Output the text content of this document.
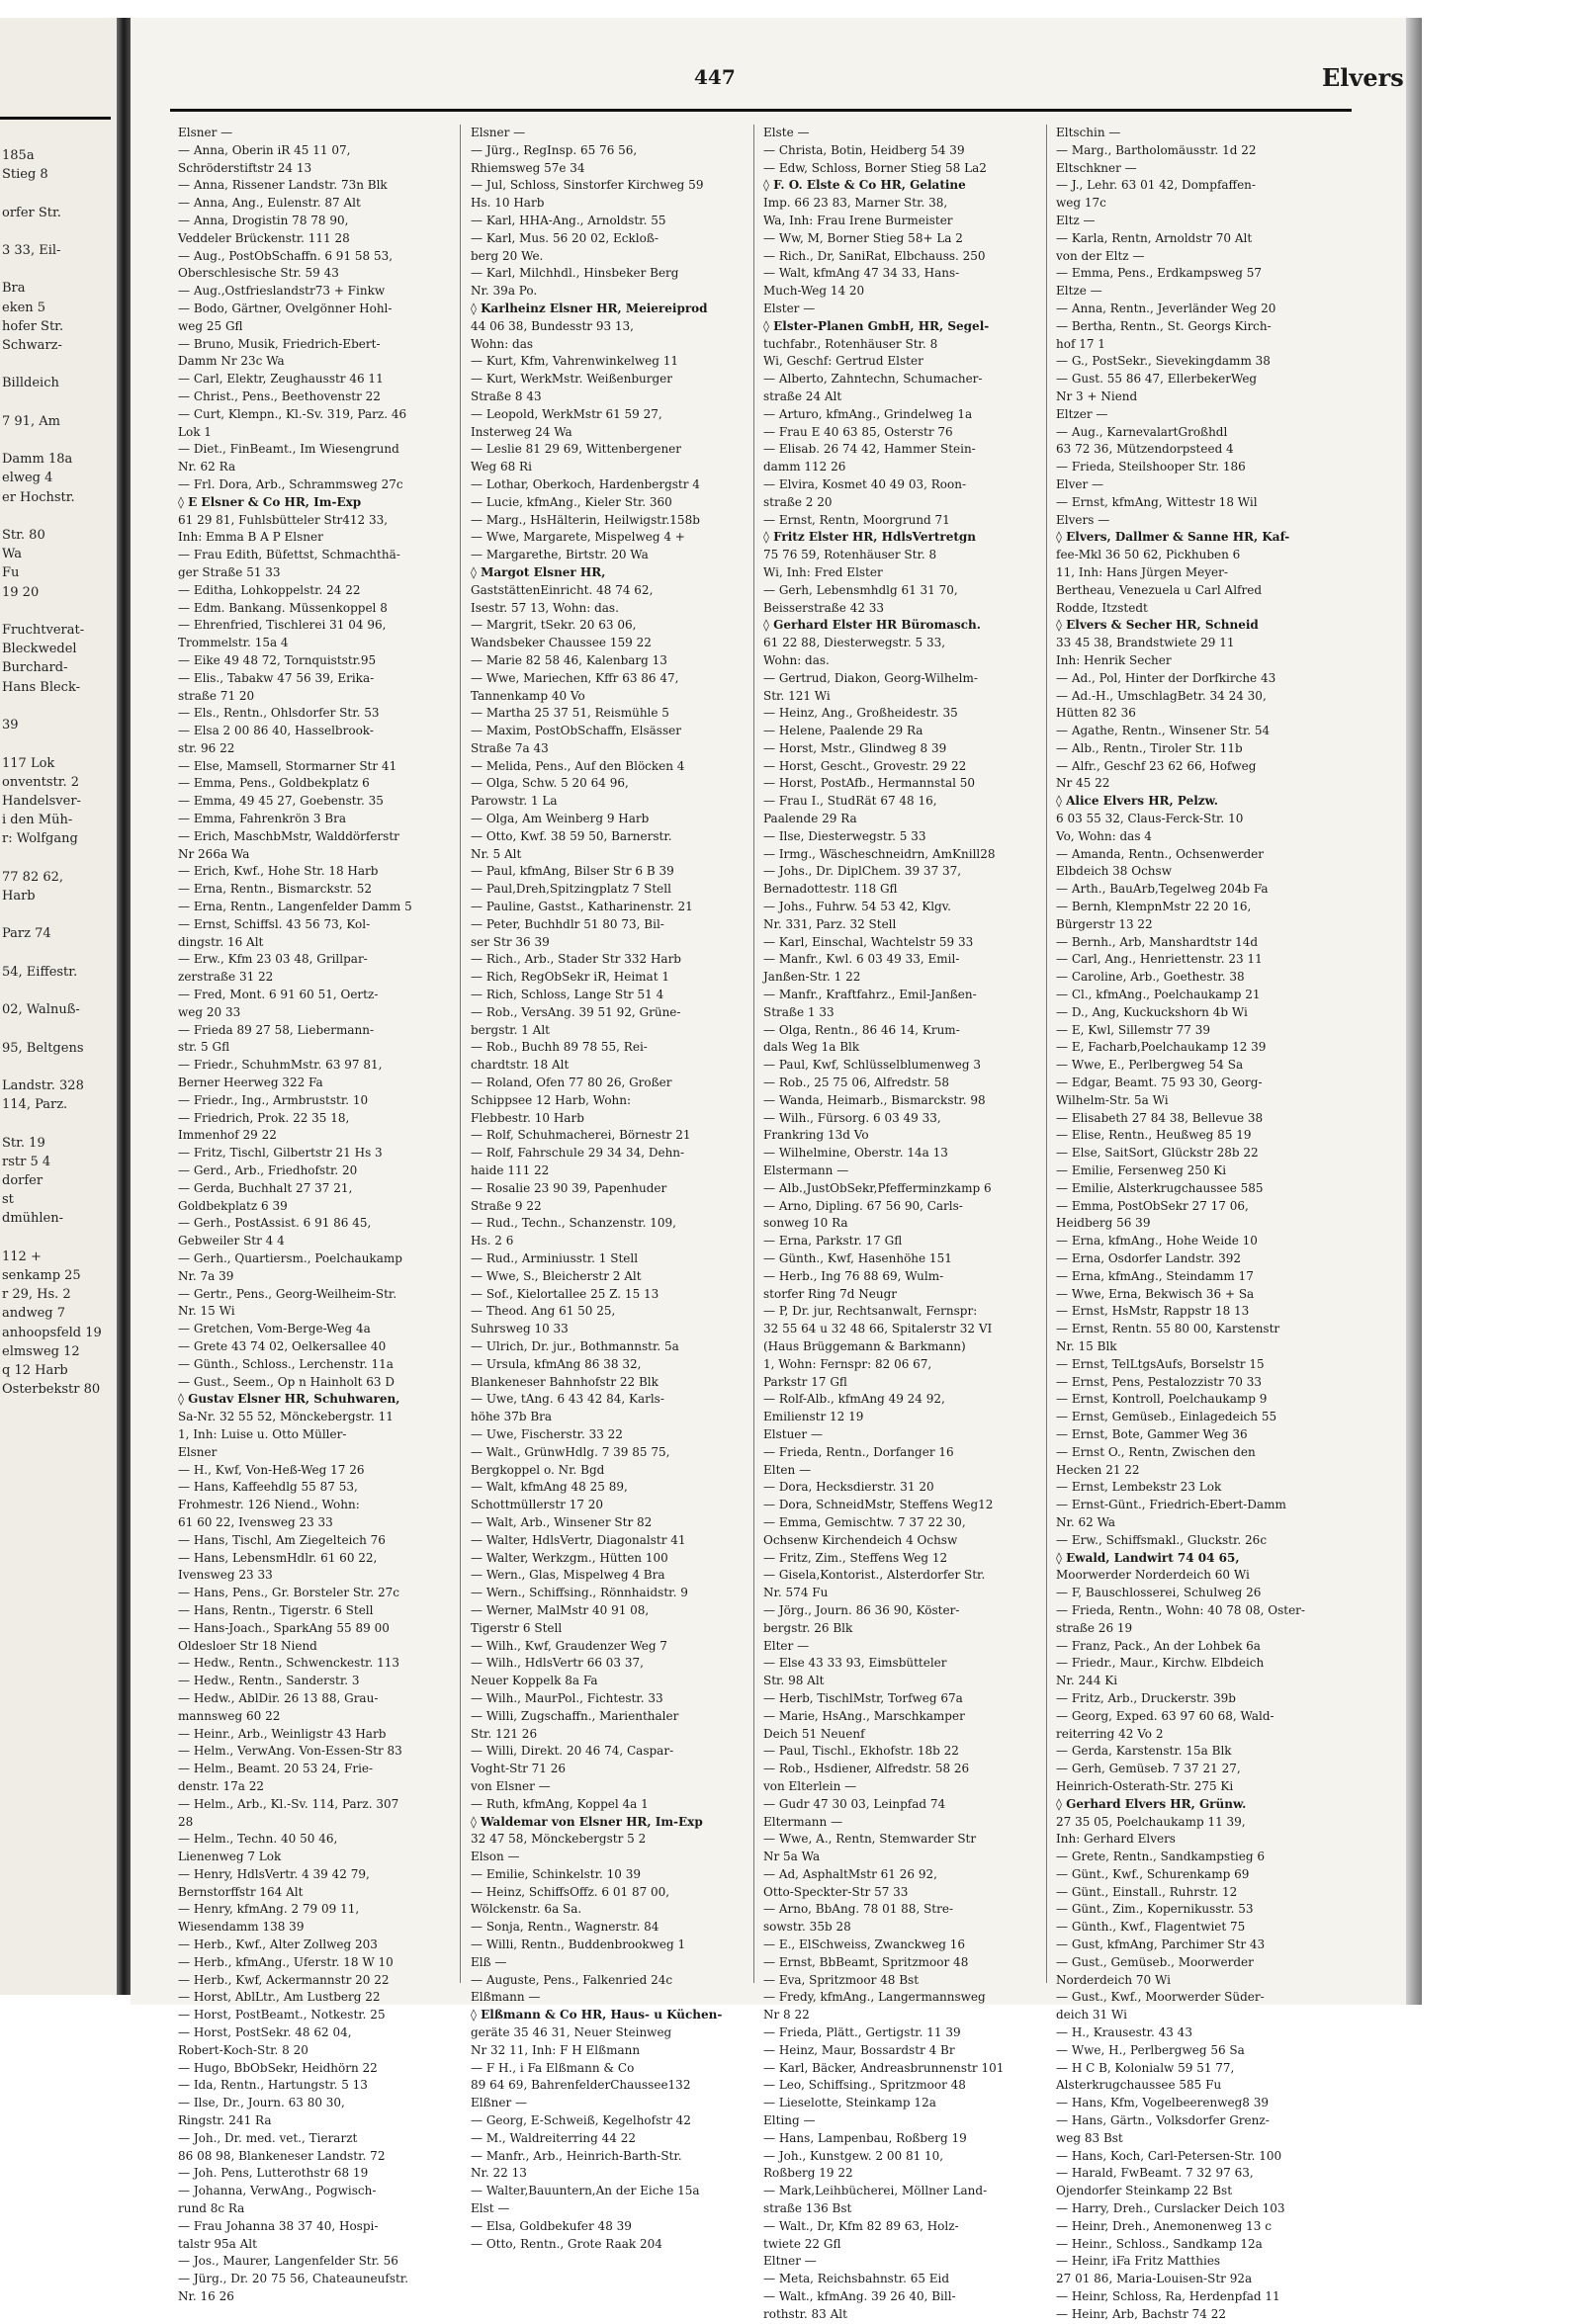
185a
Stieg 8

orfer Str.

3 33, Eil-

Bra
eken 5
hofer Str.
Schwarz-

Billdeich

7 91, Am

Damm 18a
elweg 4
er Hochstr.

Str. 80
Wa
Fu
19 20

Fruchtverat-
Bleckwedel
Burchard-
Hans Bleck-

39

117 Lok
onventstr. 2
Handelsver-
i den Müh-
r: Wolfgang

77 82 62,
Harb

Parz 74

54, Eiffestr.

02, Walnuß-

95, Beltgens

Landstr. 328
114, Parz.

Str. 19
rstr 5 4
dorfer
st
dmühlen-

112 +
senkamp 25
r 29, Hs. 2
andweg 7
anhoopsfeld 19
elmsweg 12
q 12 Harb
Osterbekstr 80
447	Elvers
Elsner —
— Anna, Oberin iR 45 11 07,
Schröderstiftstr 24 13
— Anna, Rissener Landstr. 73n Blk
— Anna, Ang., Eulenstr. 87 Alt
— Anna, Drogistin 78 78 90,
Veddeler Brückenstr. 111 28
— Aug., PostObSchaffn. 6 91 58 53,
Oberschlesische Str. 59 43
— Aug.,Ostfrieslandstr73 + Finkw
— Bodo, Gärtner, Ovelgönner Hohl-
weg 25 Gfl
— Bruno, Musik, Friedrich-Ebert-
Damm Nr 23c Wa
— Carl, Elektr, Zeughausstr 46 11
— Christ., Pens., Beethovenstr 22
— Curt, Klempn., Kl.-Sv. 319, Parz. 46
Lok 1
— Diet., FinBeamt., Im Wiesengrund
Nr. 62 Ra
— Frl. Dora, Arb., Schrammsweg 27c
◊ E Elsner & Co HR, Im-Exp
61 29 81, Fuhlsbütteler Str412 33,
Inh: Emma B A P Elsner
— Frau Edith, Büfettst, Schmachthä-
ger Straße 51 33
— Editha, Lohkoppelstr. 24 22
— Edm. Bankang. Müssenkoppel 8
— Ehrenfried, Tischlerei 31 04 96,
Trommelstr. 15a 4
— Eike 49 48 72, Tornquiststr.95
— Elis., Tabakw 47 56 39, Erika-
straße 71 20
— Els., Rentn., Ohlsdorfer Str. 53
— Elsa 2 00 86 40, Hasselbrook-
str. 96 22
— Else, Mamsell, Stormarner Str 41
— Emma, Pens., Goldbekplatz 6
— Emma, 49 45 27, Goebenstr. 35
— Emma, Fahrenkrön 3 Bra
— Erich, MaschbMstr, Walddörferstr
Nr 266a Wa
— Erich, Kwf., Hohe Str. 18 Harb
— Erna, Rentn., Bismarckstr. 52
— Erna, Rentn., Langenfelder Damm 5
— Ernst, Schiffsl. 43 56 73, Kol-
dingstr. 16 Alt
— Erw., Kfm 23 03 48, Grillpar-
zerstraße 31 22
— Fred, Mont. 6 91 60 51, Oertz-
weg 20 33
— Frieda 89 27 58, Liebermann-
str. 5 Gfl
— Friedr., SchuhmMstr. 63 97 81,
Berner Heerweg 322 Fa
— Friedr., Ing., Armbruststr. 10
— Friedrich, Prok. 22 35 18,
Immenhof 29 22
— Fritz, Tischl, Gilbertstr 21 Hs 3
— Gerd., Arb., Friedhofstr. 20
— Gerda, Buchhalt 27 37 21,
Goldbekplatz 6 39
— Gerh., PostAssist. 6 91 86 45,
Gebweiler Str 4 4
— Gerh., Quartiersm., Poelchaukamp
Nr. 7a 39
— Gertr., Pens., Georg-Weilheim-Str.
Nr. 15 Wi
— Gretchen, Vom-Berge-Weg 4a
— Grete 43 74 02, Oelkersallee 40
— Günth., Schloss., Lerchenstr. 11a
— Gust., Seem., Op n Hainholt 63 D
◊ Gustav Elsner HR, Schuhwaren,
Sa-Nr. 32 55 52, Mönckebergstr. 11
1, Inh: Luise u. Otto Müller-
Elsner
— H., Kwf, Von-Heß-Weg 17 26
— Hans, Kaffeehdlg 55 87 53,
Frohmestr. 126 Niend., Wohn:
61 60 22, Ivensweg 23 33
— Hans, Tischl, Am Ziegelteich 76
— Hans, LebensmHdlr. 61 60 22,
Ivensweg 23 33
— Hans, Pens., Gr. Borsteler Str. 27c
— Hans, Rentn., Tigerstr. 6 Stell
— Hans-Joach., SparkAng 55 89 00
Oldesloer Str 18 Niend
— Hedw., Rentn., Schwenckestr. 113
— Hedw., Rentn., Sanderstr. 3
— Hedw., AblDir. 26 13 88, Grau-
mannsweg 60 22
— Heinr., Arb., Weinligstr 43 Harb
— Helm., VerwAng. Von-Essen-Str 83
— Helm., Beamt. 20 53 24, Frie-
denstr. 17a 22
— Helm., Arb., Kl.-Sv. 114, Parz. 307
28
— Helm., Techn. 40 50 46,
Lienenweg 7 Lok
— Henry, HdlsVertr. 4 39 42 79,
Bernstorffstr 164 Alt
— Henry, kfmAng. 2 79 09 11,
Wiesendamm 138 39
— Herb., Kwf., Alter Zollweg 203
— Herb., kfmAng., Uferstr. 18 W 10
— Herb., Kwf, Ackermannstr 20 22
— Horst, AblLtr., Am Lustberg 22
— Horst, PostBeamt., Notkestr. 25
— Horst, PostSekr. 48 62 04,
Robert-Koch-Str. 8 20
— Hugo, BbObSekr, Heidhörn 22
— Ida, Rentn., Hartungstr. 5 13
— Ilse, Dr., Journ. 63 80 30,
Ringstr. 241 Ra
— Joh., Dr. med. vet., Tierarzt
86 08 98, Blankeneser Landstr. 72
— Joh. Pens, Lutterothstr 68 19
— Johanna, VerwAng., Pogwisch-
rund 8c Ra
— Frau Johanna 38 37 40, Hospi-
talstr 95a Alt
— Jos., Maurer, Langenfelder Str. 56
— Jürg., Dr. 20 75 56, Chateauneufstr.
Nr. 16 26
Elsner —
— Jürg., RegInsp. 65 76 56,
Rhiemsweg 57e 34
— Jul, Schloss, Sinstorfer Kirchweg 59
Hs. 10 Harb
— Karl, HHA-Ang., Arnoldstr. 55
— Karl, Mus. 56 20 02, Eckloß-
berg 20 We.
— Karl, Milchhdl., Hinsbeker Berg
Nr. 39a Po.
◊ Karlheinz Elsner HR, Meiereiprod
44 06 38, Bundesstr 93 13,
Wohn: das
— Kurt, Kfm, Vahrenwinkelweg 11
— Kurt, WerkMstr. Weißenburger
Straße 8 43
— Leopold, WerkMstr 61 59 27,
Insterweg 24 Wa
— Leslie 81 29 69, Wittenbergener
Weg 68 Ri
— Lothar, Oberkoch, Hardenbergstr 4
— Lucie, kfmAng., Kieler Str. 360
— Marg., HsHälterin, Heilwigstr.158b
— Wwe, Margarete, Mispelweg 4 +
— Margarethe, Birtstr. 20 Wa
◊ Margot Elsner HR,
GaststättenEinricht. 48 74 62,
Isestr. 57 13, Wohn: das.
— Margrit, tSekr. 20 63 06,
Wandsbeker Chaussee 159 22
— Marie 82 58 46, Kalenbarg 13
— Wwe, Mariechen, Kffr 63 86 47,
Tannenkamp 40 Vo
— Martha 25 37 51, Reismühle 5
— Maxim, PostObSchaffn, Elsässer
Straße 7a 43
— Melida, Pens., Auf den Blöcken 4
— Olga, Schw. 5 20 64 96,
Parowstr. 1 La
— Olga, Am Weinberg 9 Harb
— Otto, Kwf. 38 59 50, Barnerstr.
Nr. 5 Alt
— Paul, kfmAng, Bilser Str 6 B 39
— Paul,Dreh,Spitzingplatz 7 Stell
— Pauline, Gastst., Katharinenstr. 21
— Peter, Buchhdlr 51 80 73, Bil-
ser Str 36 39
— Rich., Arb., Stader Str 332 Harb
— Rich, RegObSekr iR, Heimat 1
— Rich, Schloss, Lange Str 51 4
— Rob., VersAng. 39 51 92, Grüne-
bergstr. 1 Alt
— Rob., Buchh 89 78 55, Rei-
chardtstr. 18 Alt
— Roland, Ofen 77 80 26, Großer
Schippsee 12 Harb, Wohn:
Flebbestr. 10 Harb
— Rolf, Schuhmacherei, Börnestr 21
— Rolf, Fahrschule 29 34 34, Dehn-
haide 111 22
— Rosalie 23 90 39, Papenhuder
Straße 9 22
— Rud., Techn., Schanzenstr. 109,
Hs. 2 6
— Rud., Arminiusstr. 1 Stell
— Wwe, S., Bleicherstr 2 Alt
— Sof., Kielortallee 25 Z. 15 13
— Theod. Ang 61 50 25,
Suhrsweg 10 33
— Ulrich, Dr. jur., Bothmannstr. 5a
— Ursula, kfmAng 86 38 32,
Blankeneser Bahnhofstr 22 Blk
— Uwe, tAng. 6 43 42 84, Karls-
höhe 37b Bra
— Uwe, Fischerstr. 33 22
— Walt., GrünwHdlg. 7 39 85 75,
Bergkoppel o. Nr. Bgd
— Walt, kfmAng 48 25 89,
Schottmüllerstr 17 20
— Walt, Arb., Winsener Str 82
— Walter, HdlsVertr, Diagonalstr 41
— Walter, Werkzgm., Hütten 100
— Wern., Glas, Mispelweg 4 Bra
— Wern., Schiffsing., Rönnhaidstr. 9
— Werner, MalMstr 40 91 08,
Tigerstr 6 Stell
— Wilh., Kwf, Graudenzer Weg 7
— Wilh., HdlsVertr 66 03 37,
Neuer Koppelk 8a Fa
— Wilh., MaurPol., Fichtestr. 33
— Willi, Zugschaffn., Marienthaler
Str. 121 26
— Willi, Direkt. 20 46 74, Caspar-
Voght-Str 71 26
von Elsner —
— Ruth, kfmAng, Koppel 4a 1
◊ Waldemar von Elsner HR, Im-Exp
32 47 58, Mönckebergstr 5 2
Elson —
— Emilie, Schinkelstr. 10 39
— Heinz, SchiffsOffz. 6 01 87 00,
Wölckenstr. 6a Sa.
— Sonja, Rentn., Wagnerstr. 84
— Willi, Rentn., Buddenbrookweg 1
Elß —
— Auguste, Pens., Falkenried 24c
Elßmann —
◊ Elßmann & Co HR, Haus- u Küchen-
geräte 35 46 31, Neuer Steinweg
Nr 32 11, Inh: F H Elßmann
— F H., i Fa Elßmann & Co
89 64 69, BahrenfelderChaussee132
Elßner —
— Georg, E-Schweiß, Kegelhofstr 42
— M., Waldreiterring 44 22
— Manfr., Arb., Heinrich-Barth-Str.
Nr. 22 13
— Walter,Bauuntern,An der Eiche 15a
Elst —
— Elsa, Goldbekufer 48 39
— Otto, Rentn., Grote Raak 204
Elste —
— Christa, Botin, Heidberg 54 39
— Edw, Schloss, Borner Stieg 58 La2
◊ F. O. Elste & Co HR, Gelatine
Imp. 66 23 83, Marner Str. 38,
Wa, Inh: Frau Irene Burmeister
— Ww, M, Borner Stieg 58+ La 2
— Rich., Dr, SaniRat, Elbchauss. 250
— Walt, kfmAng 47 34 33, Hans-
Much-Weg 14 20
Elster —
◊ Elster-Planen GmbH, HR, Segel-
tuchfabr., Rotenhäuser Str. 8
Wi, Geschf: Gertrud Elster
— Alberto, Zahntechn, Schumacher-
straße 24 Alt
— Arturo, kfmAng., Grindelweg 1a
— Frau E 40 63 85, Osterstr 76
— Elisab. 26 74 42, Hammer Stein-
damm 112 26
— Elvira, Kosmet 40 49 03, Roon-
straße 2 20
— Ernst, Rentn, Moorgrund 71
◊ Fritz Elster HR, HdlsVertretgn
75 76 59, Rotenhäuser Str. 8
Wi, Inh: Fred Elster
— Gerh, Lebensmhdlg 61 31 70,
Beisserstraße 42 33
◊ Gerhard Elster HR Büromasch.
61 22 88, Diesterwegstr. 5 33,
Wohn: das.
— Gertrud, Diakon, Georg-Wilhelm-
Str. 121 Wi
— Heinz, Ang., Großheidestr. 35
— Helene, Paalende 29 Ra
— Horst, Mstr., Glindweg 8 39
— Horst, Gescht., Grovestr. 29 22
— Horst, PostAfb., Hermannstal 50
— Frau I., StudRät 67 48 16,
Paalende 29 Ra
— Ilse, Diesterwegstr. 5 33
— Irmg., Wäscheschneidrn, AmKnill28
— Johs., Dr. DiplChem. 39 37 37,
Bernadottestr. 118 Gfl
— Johs., Fuhrw. 54 53 42, Klgv.
Nr. 331, Parz. 32 Stell
— Karl, Einschal, Wachtelstr 59 33
— Manfr., Kwl. 6 03 49 33, Emil-
Janßen-Str. 1 22
— Manfr., Kraftfahrz., Emil-Janßen-
Straße 1 33
— Olga, Rentn., 86 46 14, Krum-
dals Weg 1a Blk
— Paul, Kwf, Schlüsselblumenweg 3
— Rob., 25 75 06, Alfredstr. 58
— Wanda, Heimarb., Bismarckstr. 98
— Wilh., Fürsorg. 6 03 49 33,
Frankring 13d Vo
— Wilhelmine, Oberstr. 14a 13
Elstermann —
— Alb.,JustObSekr,Pfefferminzkamp 6
— Arno, Dipling. 67 56 90, Carls-
sonweg 10 Ra
— Erna, Parkstr. 17 Gfl
— Günth., Kwf, Hasenhöhe 151
— Herb., Ing 76 88 69, Wulm-
storfer Ring 7d Neugr
— P, Dr. jur, Rechtsanwalt, Fernspr:
32 55 64 u 32 48 66, Spitalerstr 32 VI
(Haus Brüggemann & Barkmann)
1, Wohn: Fernspr: 82 06 67,
Parkstr 17 Gfl
— Rolf-Alb., kfmAng 49 24 92,
Emilienstr 12 19
Elstuer —
— Frieda, Rentn., Dorfanger 16
Elten —
— Dora, Hecksdierstr. 31 20
— Dora, SchneidMstr, Steffens Weg12
— Emma, Gemischtw. 7 37 22 30,
Ochsenw Kirchendeich 4 Ochsw
— Fritz, Zim., Steffens Weg 12
— Gisela,Kontorist., Alsterdorfer Str.
Nr. 574 Fu
— Jörg., Journ. 86 36 90, Köster-
bergstr. 26 Blk
Elter —
— Else 43 33 93, Eimsbütteler
Str. 98 Alt
— Herb, TischlMstr, Torfweg 67a
— Marie, HsAng., Marschkamper
Deich 51 Neuenf
— Paul, Tischl., Ekhofstr. 18b 22
— Rob., Hsdiener, Alfredstr. 58 26
von Elterlein —
— Gudr 47 30 03, Leinpfad 74
Eltermann —
— Wwe, A., Rentn, Stemwarder Str
Nr 5a Wa
— Ad, AsphaltMstr 61 26 92,
Otto-Speckter-Str 57 33
— Arno, BbAng. 78 01 88, Stre-
sowstr. 35b 28
— E., ElSchweiss, Zwanckweg 16
— Ernst, BbBeamt, Spritzmoor 48
— Eva, Spritzmoor 48 Bst
— Fredy, kfmAng., Langermannsweg
Nr 8 22
— Frieda, Plätt., Gertigstr. 11 39
— Heinz, Maur, Bossardstr 4 Br
— Karl, Bäcker, Andreasbrunnenstr 101
— Leo, Schiffsing., Spritzmoor 48
— Lieselotte, Steinkamp 12a
Elting —
— Hans, Lampenbau, Roßberg 19
— Joh., Kunstgew. 2 00 81 10,
Roßberg 19 22
— Mark,Leihbücherei, Möllner Land-
straße 136 Bst
— Walt., Dr, Kfm 82 89 63, Holz-
twiete 22 Gfl
Eltner —
— Meta, Reichsbahnstr. 65 Eid
— Walt., kfmAng. 39 26 40, Bill-
rothstr. 83 Alt
Eltschin —
— Marg., Bartholomäusstr. 1d 22
Eltschkner —
— J., Lehr. 63 01 42, Dompfaffen-
weg 17c
Eltz —
— Karla, Rentn, Arnoldstr 70 Alt
von der Eltz —
— Emma, Pens., Erdkampsweg 57
Eltze —
— Anna, Rentn., Jeverländer Weg 20
— Bertha, Rentn., St. Georgs Kirch-
hof 17 1
— G., PostSekr., Sievekingdamm 38
— Gust. 55 86 47, EllerbekerWeg
Nr 3 + Niend
Eltzer —
— Aug., KarnevalartGroßhdl
63 72 36, Mützendorpsteed 4
— Frieda, Steilshooper Str. 186
Elver —
— Ernst, kfmAng, Wittestr 18 Wil
Elvers —
◊ Elvers, Dallmer & Sanne HR, Kaf-
fee-Mkl 36 50 62, Pickhuben 6
11, Inh: Hans Jürgen Meyer-
Bertheau, Venezuela u Carl Alfred
Rodde, Itzstedt
◊ Elvers & Secher HR, Schneid
33 45 38, Brandstwiete 29 11
Inh: Henrik Secher
— Ad., Pol, Hinter der Dorfkirche 43
— Ad.-H., UmschlagBetr. 34 24 30,
Hütten 82 36
— Agathe, Rentn., Winsener Str. 54
— Alb., Rentn., Tiroler Str. 11b
— Alfr., Geschf 23 62 66, Hofweg
Nr 45 22
◊ Alice Elvers HR, Pelzw.
6 03 55 32, Claus-Ferck-Str. 10
Vo, Wohn: das 4
— Amanda, Rentn., Ochsenwerder
Elbdeich 38 Ochsw
— Arth., BauArb,Tegelweg 204b Fa
— Bernh, KlempnMstr 22 20 16,
Bürgerstr 13 22
— Bernh., Arb, Manshardtstr 14d
— Carl, Ang., Henriettenstr. 23 11
— Caroline, Arb., Goethestr. 38
— Cl., kfmAng., Poelchaukamp 21
— D., Ang, Kuckuckshorn 4b Wi
— E, Kwl, Sillemstr 77 39
— E, Facharb,Poelchaukamp 12 39
— Wwe, E., Perlbergweg 54 Sa
— Edgar, Beamt. 75 93 30, Georg-
Wilhelm-Str. 5a Wi
— Elisabeth 27 84 38, Bellevue 38
— Elise, Rentn., Heußweg 85 19
— Else, SaitSort, Glückstr 28b 22
— Emilie, Fersenweg 250 Ki
— Emilie, Alsterkrugchaussee 585
— Emma, PostObSekr 27 17 06,
Heidberg 56 39
— Erna, kfmAng., Hohe Weide 10
— Erna, Osdorfer Landstr. 392
— Erna, kfmAng., Steindamm 17
— Wwe, Erna, Bekwisch 36 + Sa
— Ernst, HsMstr, Rappstr 18 13
— Ernst, Rentn. 55 80 00, Karstenstr
Nr. 15 Blk
— Ernst, TelLtgsAufs, Borselstr 15
— Ernst, Pens, Pestalozzistr 70 33
— Ernst, Kontroll, Poelchaukamp 9
— Ernst, Gemüseb., Einlagedeich 55
— Ernst, Bote, Gammer Weg 36
— Ernst O., Rentn, Zwischen den
Hecken 21 22
— Ernst, Lembekstr 23 Lok
— Ernst-Günt., Friedrich-Ebert-Damm
Nr. 62 Wa
— Erw., Schiffsmakl., Gluckstr. 26c
◊ Ewald, Landwirt 74 04 65,
Moorwerder Norderdeich 60 Wi
— F, Bauschlosserei, Schulweg 26
— Frieda, Rentn., Wohn: 40 78 08, Oster-
straße 26 19
— Franz, Pack., An der Lohbek 6a
— Friedr., Maur., Kirchw. Elbdeich
Nr. 244 Ki
— Fritz, Arb., Druckerstr. 39b
— Georg, Exped. 63 97 60 68, Wald-
reiterring 42 Vo 2
— Gerda, Karstenstr. 15a Blk
— Gerh, Gemüseb. 7 37 21 27,
Heinrich-Osterath-Str. 275 Ki
◊ Gerhard Elvers HR, Grünw.
27 35 05, Poelchaukamp 11 39,
Inh: Gerhard Elvers
— Grete, Rentn., Sandkampstieg 6
— Günt., Kwf., Schurenkamp 69
— Günt., Einstall., Ruhrstr. 12
— Günt., Zim., Kopernikusstr. 53
— Günth., Kwf., Flagentwiet 75
— Gust, kfmAng, Parchimer Str 43
— Gust., Gemüseb., Moorwerder
Norderdeich 70 Wi
— Gust., Kwf., Moorwerder Süder-
deich 31 Wi
— H., Krausestr. 43 43
— Wwe, H., Perlbergweg 56 Sa
— H C B, Kolonialw 59 51 77,
Alsterkrugchaussee 585 Fu
— Hans, Kfm, Vogelbeerenweg8 39
— Hans, Gärtn., Volksdorfer Grenz-
weg 83 Bst
— Hans, Koch, Carl-Petersen-Str. 100
— Harald, FwBeamt. 7 32 97 63,
Ojendorfer Steinkamp 22 Bst
— Harry, Dreh., Curslacker Deich 103
— Heinr, Dreh., Anemonenweg 13 c
— Heinr., Schloss., Sandkamp 12a
— Heinr, iFa Fritz Matthies
27 01 86, Maria-Louisen-Str 92a
— Heinr, Schloss, Ra, Herdenpfad 11
— Heinr, Arb, Bachstr 74 22
